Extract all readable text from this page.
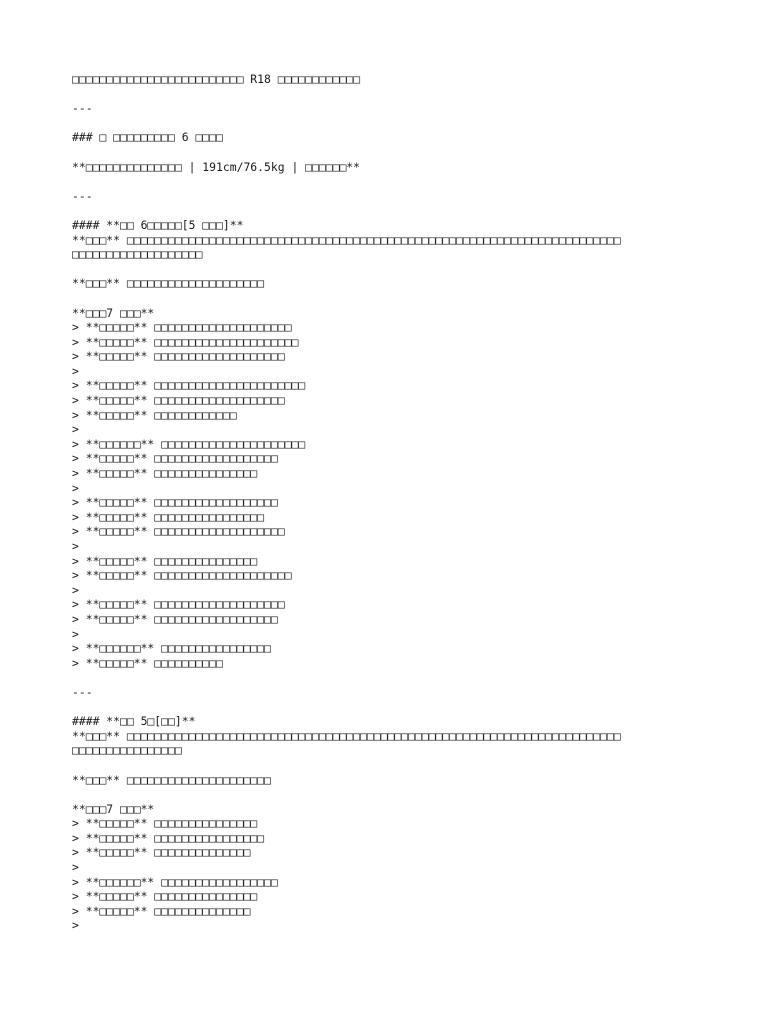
□□□□□□□□□□□□□□□□□□□□□□□□□ R18 □□□□□□□□□□□□
---
### □ □□□□□□□□□ 6 □□□□
**□□□□□□□□□□□□□□ | 191cm/76.5kg | □□□□□□**
---
#### **□□ 6□□□□□[5 □□□]**
**□□□** □□□□□□□□□□□□□□□□□□□□□□□□□□□□□□□□□□□□□□□□□□□□□□□□□□□□□□□□□□□□□□□□□□□□□□□□
□□□□□□□□□□□□□□□□□□□
**□□□** □□□□□□□□□□□□□□□□□□□□
**□□□7 □□□**
> **□□□□□** □□□□□□□□□□□□□□□□□□□□
> **□□□□□** □□□□□□□□□□□□□□□□□□□□□
> **□□□□□** □□□□□□□□□□□□□□□□□□□
>
> **□□□□□** □□□□□□□□□□□□□□□□□□□□□□
> **□□□□□** □□□□□□□□□□□□□□□□□□□
> **□□□□□** □□□□□□□□□□□□
>
> **□□□□□□** □□□□□□□□□□□□□□□□□□□□□
> **□□□□□** □□□□□□□□□□□□□□□□□□
> **□□□□□** □□□□□□□□□□□□□□□
>
> **□□□□□** □□□□□□□□□□□□□□□□□□
> **□□□□□** □□□□□□□□□□□□□□□□
> **□□□□□** □□□□□□□□□□□□□□□□□□□
>
> **□□□□□** □□□□□□□□□□□□□□□
> **□□□□□** □□□□□□□□□□□□□□□□□□□□
>
> **□□□□□** □□□□□□□□□□□□□□□□□□□
> **□□□□□** □□□□□□□□□□□□□□□□□□
>
> **□□□□□□** □□□□□□□□□□□□□□□□
> **□□□□□** □□□□□□□□□□
---
#### **□□ 5□[□□]**
**□□□** □□□□□□□□□□□□□□□□□□□□□□□□□□□□□□□□□□□□□□□□□□□□□□□□□□□□□□□□□□□□□□□□□□□□□□□□
□□□□□□□□□□□□□□□□
**□□□** □□□□□□□□□□□□□□□□□□□□□
**□□□7 □□□**
> **□□□□□** □□□□□□□□□□□□□□□
> **□□□□□** □□□□□□□□□□□□□□□□
> **□□□□□** □□□□□□□□□□□□□□
>
> **□□□□□□** □□□□□□□□□□□□□□□□□
> **□□□□□** □□□□□□□□□□□□□□□
> **□□□□□** □□□□□□□□□□□□□□
>
